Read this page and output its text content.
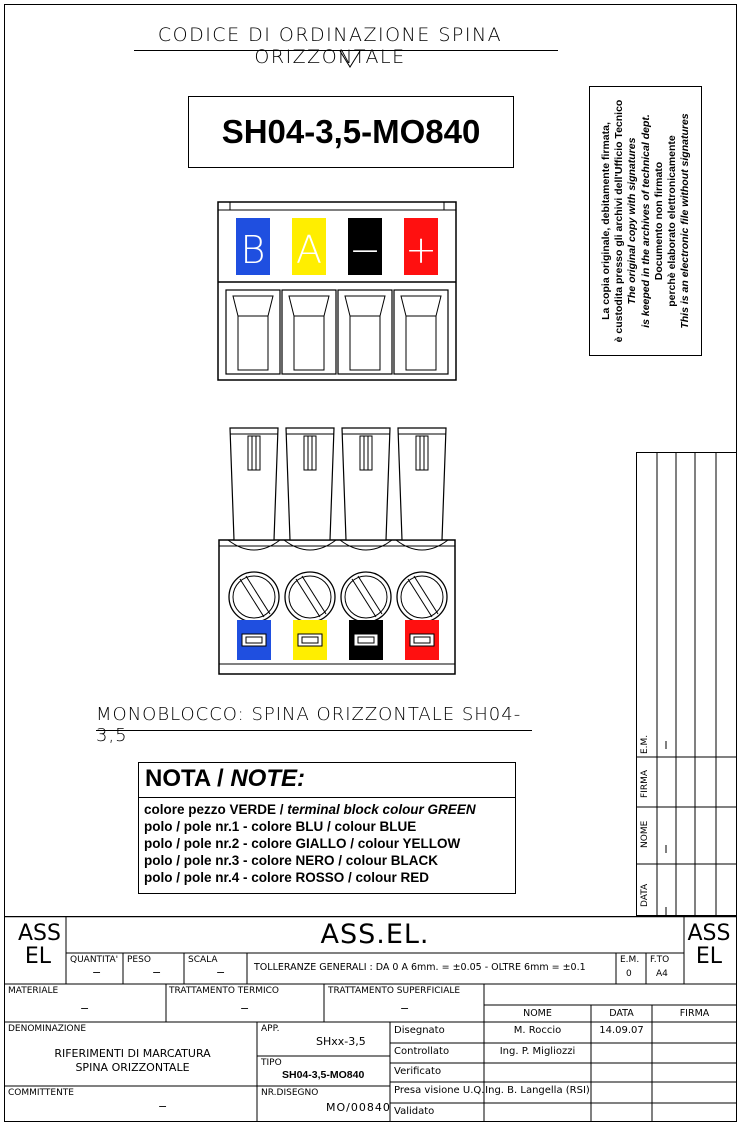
CODICE DI ORDINAZIONE SPINA ORIZZONTALE
SH04-3,5-MO840	La copia originale, debitamente firmata, è custodita presso gli archivi dell'Ufficio Tecnico The original copy with signatures is keeped in the archives of technical dept. Documento non firmato perchè elaborato elettronicamente This is an electronic file without signatures
B A − +
MONOBLOCCO: SPINA ORIZZONTALE SH04-3,5
NOTA / NOTE:
colore pezzo VERDE / terminal block colour GREEN
polo / pole nr.1 - colore BLU / colour BLUE
polo / pole nr.2 - colore GIALLO / colour YELLOW
polo / pole nr.3 - colore NERO / colour BLACK
polo / pole nr.4 - colore ROSSO / colour RED
E.M.
FIRMA
NOME
DATA
ASS
EL
ASS
EL
ASS.EL.
QUANTITA'
−
PESO
−
SCALA
−	TOLLERANZE GENERALI : DA 0 A 6mm. = ±0.05 - OLTRE 6mm = ±0.1
E.M.
0
F.TO
A4
MATERIALE
−
TRATTAMENTO TERMICO
−
TRATTAMENTO SUPERFICIALE
−	NOME	DATA	FIRMA
DENOMINAZIONE
RIFERIMENTI DI MARCATURA
SPINA ORIZZONTALE
APP.
SHxx-3,5
TIPO
SH04-3,5-MO840
COMMITTENTE
−
NR.DISEGNO
MO/00840
Disegnato	M. Roccio	14.09.07
Controllato	Ing. P. Migliozzi
Verificato
Presa visione U.Q. Ing. B. Langella (RSI)
Validato
